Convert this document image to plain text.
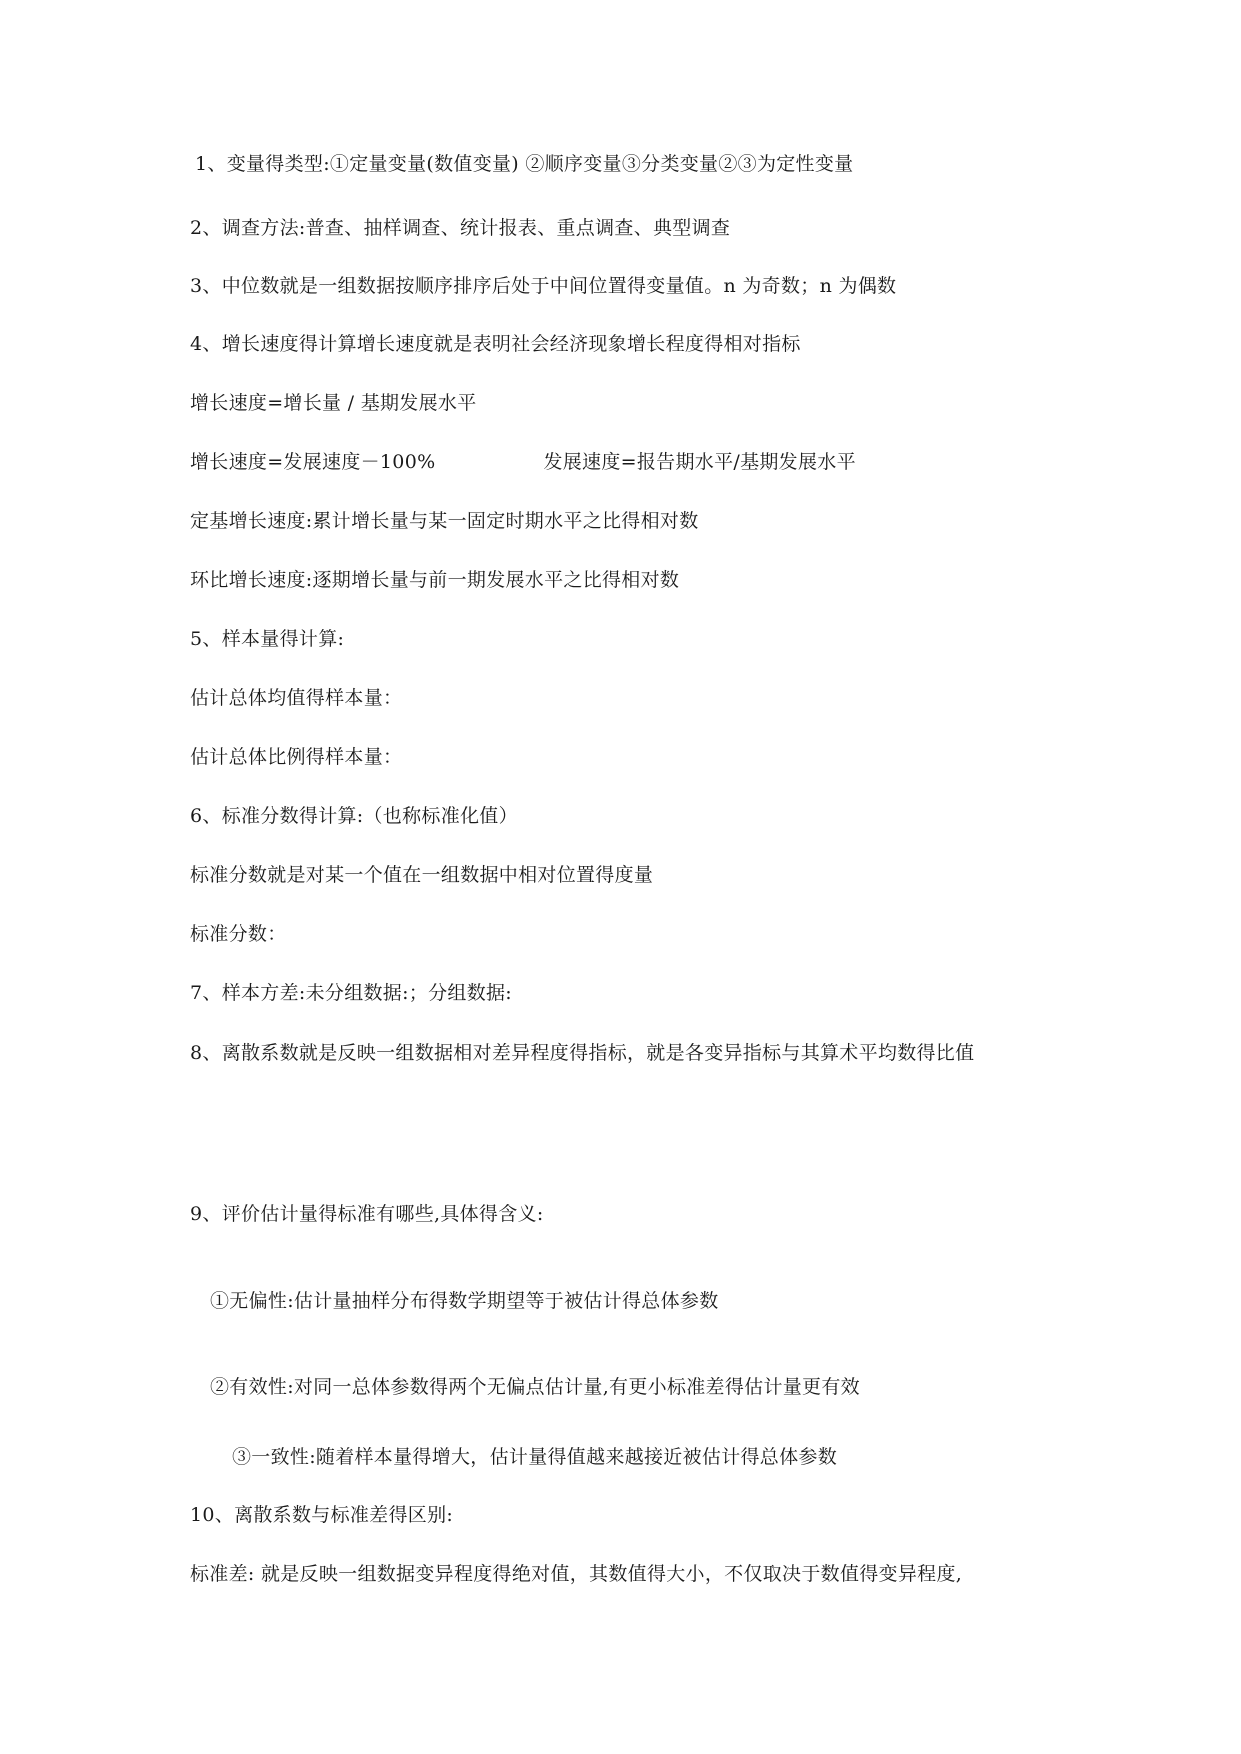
1、变量得类型:①定量变量(数值变量) ②顺序变量③分类变量②③为定性变量
2、调查方法:普查、抽样调查、统计报表、重点调查、典型调查
3、中位数就是一组数据按顺序排序后处于中间位置得变量值。n 为奇数；n 为偶数
4、增长速度得计算增长速度就是表明社会经济现象增长程度得相对指标
增长速度=增长量 / 基期发展水平
增长速度=发展速度－100%	发展速度=报告期水平/基期发展水平
定基增长速度:累计增长量与某一固定时期水平之比得相对数
环比增长速度:逐期增长量与前一期发展水平之比得相对数
5、样本量得计算:
估计总体均值得样本量：
估计总体比例得样本量：
6、标准分数得计算:（也称标准化值）
标准分数就是对某一个值在一组数据中相对位置得度量
标准分数：
7、样本方差:未分组数据:；分组数据:
8、离散系数就是反映一组数据相对差异程度得指标，就是各变异指标与其算术平均数得比值
9、评价估计量得标准有哪些,具体得含义:
①无偏性:估计量抽样分布得数学期望等于被估计得总体参数
②有效性:对同一总体参数得两个无偏点估计量,有更小标准差得估计量更有效
③一致性:随着样本量得增大，估计量得值越来越接近被估计得总体参数
10、离散系数与标准差得区别:
标准差: 就是反映一组数据变异程度得绝对值，其数值得大小，不仅取决于数值得变异程度,
